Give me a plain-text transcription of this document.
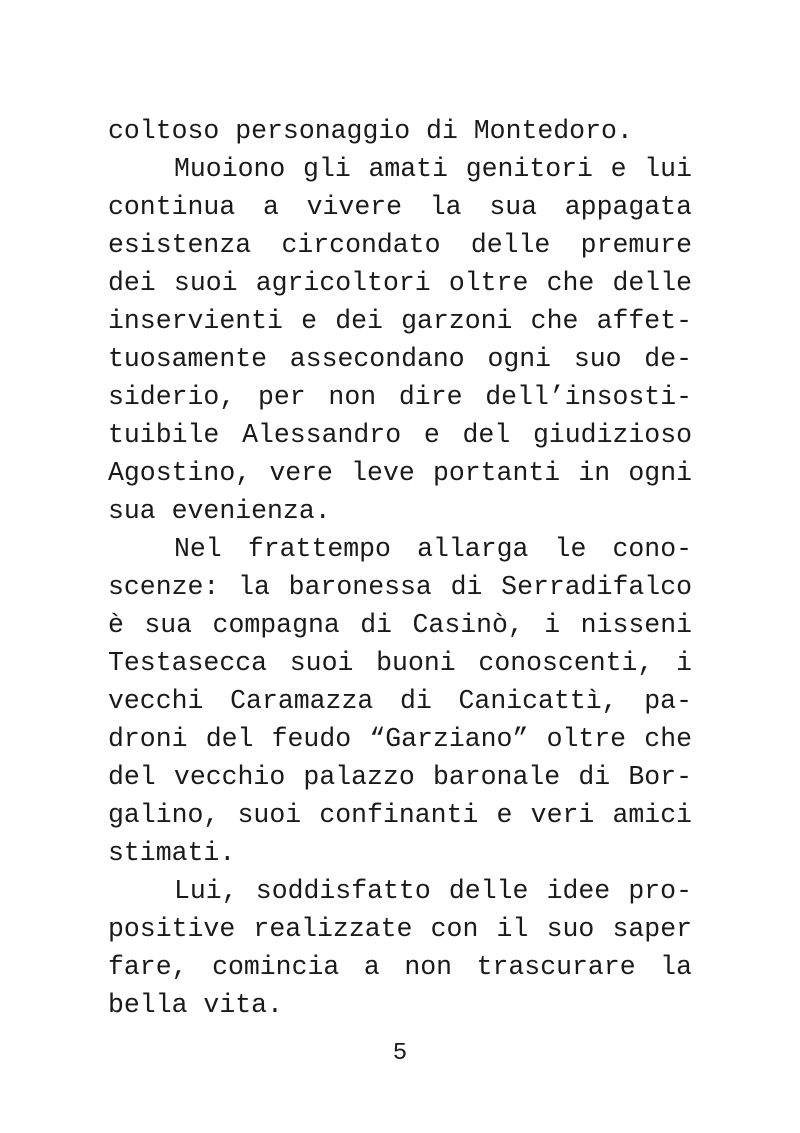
coltoso personaggio di Montedoro.
Muoiono gli amati genitori e lui
continua a vivere la sua appagata
esistenza circondato delle premure
dei suoi agricoltori oltre che delle
inservienti e dei garzoni che affet-
tuosamente assecondano ogni suo de-
siderio, per non dire dell’insosti-
tuibile Alessandro e del giudizioso
Agostino, vere leve portanti in ogni
sua evenienza.
Nel frattempo allarga le cono-
scenze: la baronessa di Serradifalco
è sua compagna di Casinò, i nisseni
Testasecca suoi buoni conoscenti, i
vecchi Caramazza di Canicattì, pa-
droni del feudo “Garziano” oltre che
del vecchio palazzo baronale di Bor-
galino, suoi confinanti e veri amici
stimati.
Lui, soddisfatto delle idee pro-
positive realizzate con il suo saper
fare, comincia a non trascurare la
bella vita.
5
